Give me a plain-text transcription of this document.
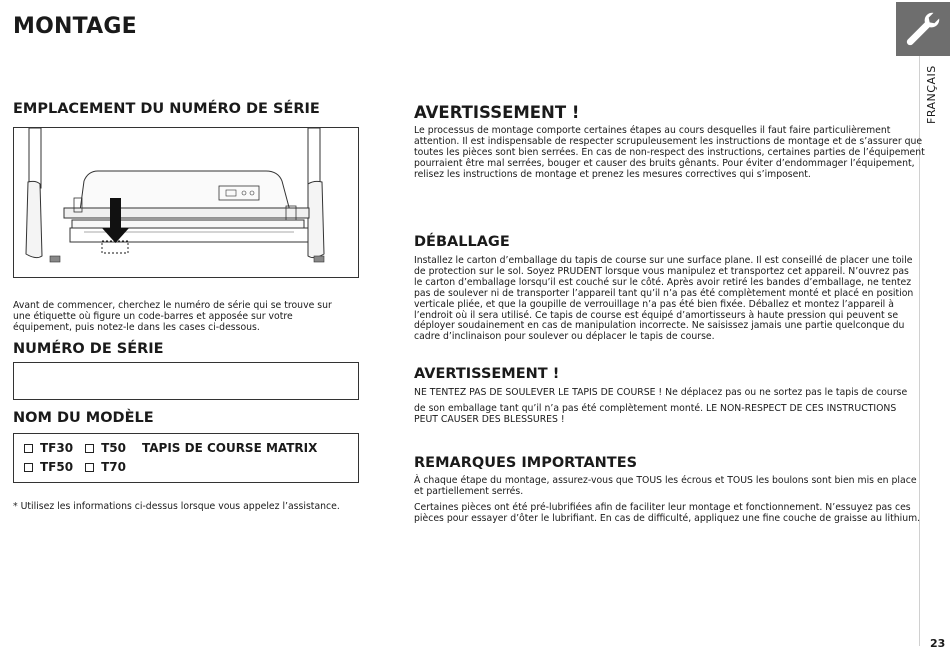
MONTAGE
FRANÇAIS
EMPLACEMENT DU NUMÉRO DE SÉRIE
Avant de commencer, cherchez le numéro de série qui se trouve sur une étiquette où figure un code-barres et apposée sur votre équipement, puis notez-le dans les cases ci-dessous.
NUMÉRO DE SÉRIE
NOM DU MODÈLE
TF30 T50 TAPIS DE COURSE MATRIX
TF50 T70
* Utilisez les informations ci-dessus lorsque vous appelez l’assistance.
AVERTISSEMENT !
Le processus de montage comporte certaines étapes au cours desquelles il faut faire particulièrement
attention. Il est indispensable de respecter scrupuleusement les instructions de montage et de s’assurer que
toutes les pièces sont bien serrées. En cas de non-respect des instructions, certaines parties de l’équipement
pourraient être mal serrées, bouger et causer des bruits gênants. Pour éviter d’endommager l’équipement,
relisez les instructions de montage et prenez les mesures correctives qui s’imposent.
DÉBALLAGE
Installez le carton d’emballage du tapis de course sur une surface plane. Il est conseillé de placer une toile
de protection sur le sol. Soyez PRUDENT lorsque vous manipulez et transportez cet appareil. N’ouvrez pas
le carton d’emballage lorsqu’il est couché sur le côté. Après avoir retiré les bandes d’emballage, ne tentez
pas de soulever ni de transporter l’appareil tant qu’il n’a pas été complètement monté et placé en position
verticale pliée, et que la goupille de verrouillage n’a pas été bien fixée. Déballez et montez l’appareil à
l’endroit où il sera utilisé. Ce tapis de course est équipé d’amortisseurs à haute pression qui peuvent se
déployer soudainement en cas de manipulation incorrecte. Ne saisissez jamais une partie quelconque du
cadre d’inclinaison pour soulever ou déplacer le tapis de course.
AVERTISSEMENT !
NE TENTEZ PAS DE SOULEVER LE TAPIS DE COURSE ! Ne déplacez pas ou ne sortez pas le tapis de course
de son emballage tant qu’il n’a pas été complètement monté. LE NON-RESPECT DE CES INSTRUCTIONS
PEUT CAUSER DES BLESSURES !
REMARQUES IMPORTANTES
À chaque étape du montage, assurez-vous que TOUS les écrous et TOUS les boulons sont bien mis en place
et partiellement serrés.
Certaines pièces ont été pré-lubrifiées afin de faciliter leur montage et fonctionnement. N’essuyez pas ces
pièces pour essayer d’ôter le lubrifiant. En cas de difficulté, appliquez une fine couche de graisse au lithium.
23
